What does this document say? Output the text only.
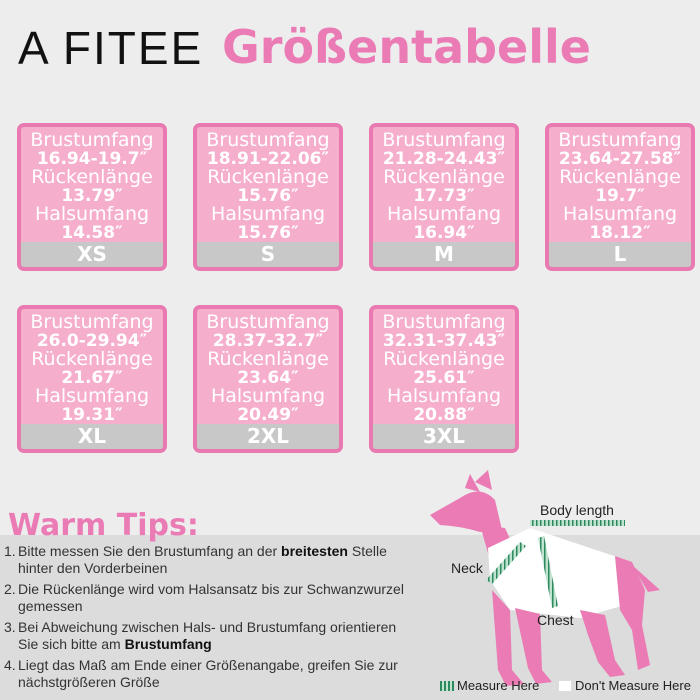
A FITEE Größentabelle
Brustumfang
16.94-19.7″
Rückenlänge
13.79″
Halsumfang
14.58″
XS
Brustumfang
18.91-22.06″
Rückenlänge
15.76″
Halsumfang
15.76″
S
Brustumfang
21.28-24.43″
Rückenlänge
17.73″
Halsumfang
16.94″
M
Brustumfang
23.64-27.58″
Rückenlänge
19.7″
Halsumfang
18.12″
L
Brustumfang
26.0-29.94″
Rückenlänge
21.67″
Halsumfang
19.31″
XL
Brustumfang
28.37-32.7″
Rückenlänge
23.64″
Halsumfang
20.49″
2XL
Brustumfang
32.31-37.43″
Rückenlänge
25.61″
Halsumfang
20.88″
3XL
Warm Tips:
1. Bitte messen Sie den Brustumfang an der breitesten Stelle hinter den Vorderbeinen
2. Die Rückenlänge wird vom Halsansatz bis zur Schwanzwurzel gemessen
3. Bei Abweichung zwischen Hals- und Brustumfang orientieren Sie sich bitte am Brustumfang
4. Liegt das Maß am Ende einer Größenangabe, greifen Sie zur nächstgrößeren Größe
Body length
Neck
Chest
Measure Here	Don't Measure Here
